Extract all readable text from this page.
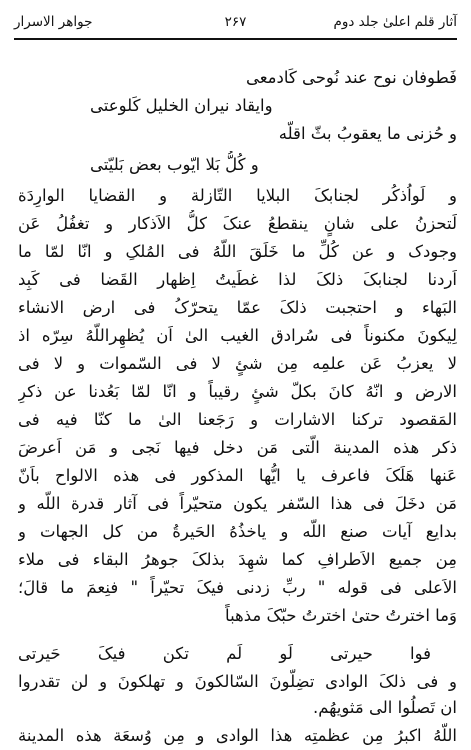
آثار قلم اعلیٰ جلد دوم
۲۶۷
جواهر الاسرار
فَطوفان نوح عند نُوحی کَادمعی
وایقاد نیران الخلیل کَلوعتی
و حُزنی ما یعقوبُ بثّ اقلّه
و کُلُّ بَلا ایّوب بعض بَلیّتی
و لَواُذکُر لجنابکَ البلایا التّازلة و القضایا الوارِدَة
لَتحزنُ علی شانٍ ینقطعُ عنکَ کلُّ الاَذکار و تغفُلُ عَن
وجودک و عن کُلِّ ما خَلَقَ اللّهُ فی المُلکِ و انّا لمّا ما
اَردنا لجنابکَ ذلکَ لذا غطَیتُ اِظهار القَضا فی کَبِد
البَهاء و احتجبت ذلکَ عمّا یتحرّکُ فی ارض الانشاء
لِیکونَ مکنوناً فی سُرادق الغیب الیٰ اَن یُظهِراللّهُ سِرّه اذ
لا یعزبُ عَن علمِه مِن شئٍ لا فی السّموات و لا فی
الارض و انّهُ کانَ بکلّ شئٍ رقیباً و انّا لمّا بَعُدنا عن ذکرِ
المَقصود ترکنا الاشارات و رَجَعنا الیٰ ما کنّا فیه فی
ذکر هذه المدینة الّتی مَن دخل فیها نَجی و مَن اَعرضَ
عَنها هَلَکَ فاعرف یا ایُّها المذکور فی هذه الالواح باَنّ
مَن دخَلَ فی هذا السّفر یکون متحیّراً فی آثار قدرة اللّه و
بدایع آیات صنع اللّه و یاخذُهُ الحَیرةُ من کل الجهات و
مِن جمیع الاَطرافِ کما شهِدَ بذلکَ جوهرُ البقاء فی ملاء
الاَعلی فی قوله " ربِّ زدنی فیکَ تحیّراً " فنِعمَ ما قالَ؛
وَما اخترتُ حتیٰ اخترتُ حبّکَ مذهباً
فوا حیرتی لَو لَم تکن فیکَ حَیرتی
و فی ذلکَ الوادی تضِلّونَ السّالکونَ و تهلکونَ و لن تقدروا
ان تَصلُوا الی مَثویهُم.
اللّهُ اکبرُ مِن عظمتِه هذا الوادی و مِن وُسعَة هذه المدینة
